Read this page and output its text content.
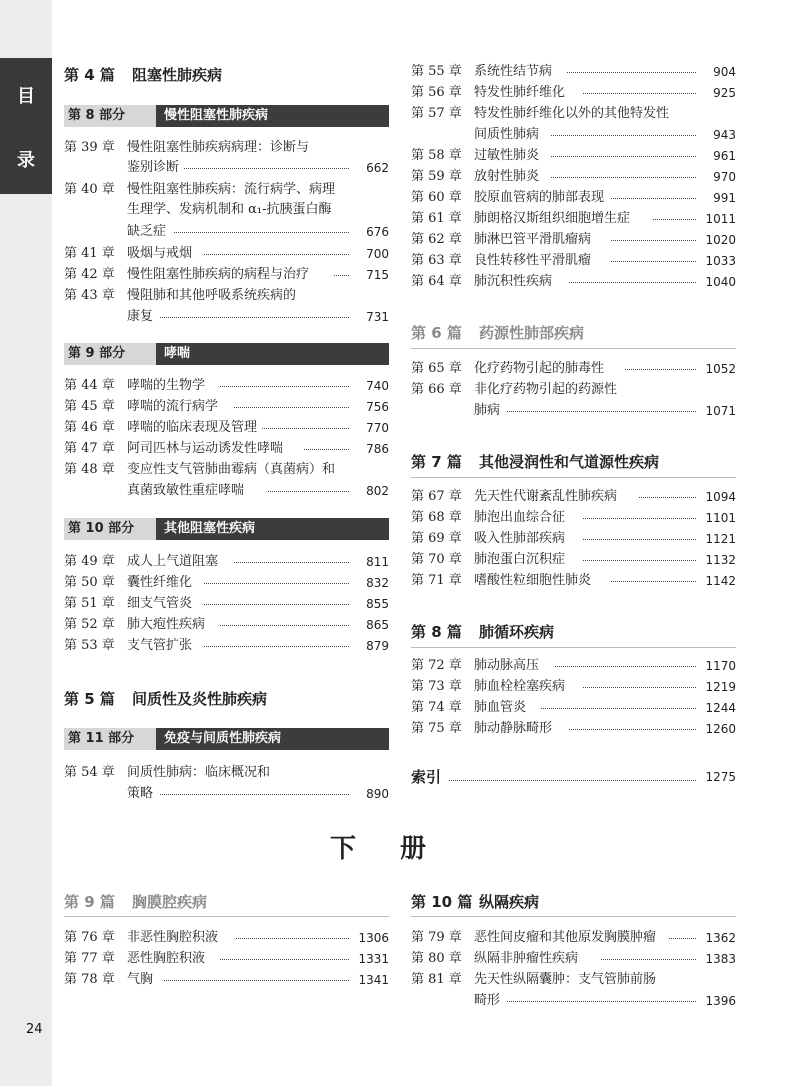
目
录
24
第 4 篇 阻塞性肺疾病
第 8 部分	慢性阻塞性肺疾病
第 39 章 慢性阻塞性肺疾病病理：诊断与
鉴别诊断	662
第 40 章 慢性阻塞性肺疾病：流行病学、病理
生理学、发病机制和 α₁-抗胰蛋白酶
缺乏症	676
第 41 章 吸烟与戒烟	700
第 42 章 慢性阻塞性肺疾病的病程与治疗	715
第 43 章 慢阻肺和其他呼吸系统疾病的
康复	731
第 9 部分	哮喘
第 44 章 哮喘的生物学	740
第 45 章 哮喘的流行病学	756
第 46 章 哮喘的临床表现及管理	770
第 47 章 阿司匹林与运动诱发性哮喘	786
第 48 章 变应性支气管肺曲霉病（真菌病）和
真菌致敏性重症哮喘	802
第 10 部分	其他阻塞性疾病
第 49 章 成人上气道阻塞	811
第 50 章 囊性纤维化	832
第 51 章 细支气管炎	855
第 52 章 肺大疱性疾病	865
第 53 章 支气管扩张	879
第 5 篇 间质性及炎性肺疾病
第 11 部分	免疫与间质性肺疾病
第 54 章 间质性肺病：临床概况和
策略	890
第 9 篇 胸膜腔疾病
第 76 章 非恶性胸腔积液	1306
第 77 章 恶性胸腔积液	1331
第 78 章 气胸	1341
第 55 章 系统性结节病	904
第 56 章 特发性肺纤维化	925
第 57 章 特发性肺纤维化以外的其他特发性
间质性肺病	943
第 58 章 过敏性肺炎	961
第 59 章 放射性肺炎	970
第 60 章 胶原血管病的肺部表现	991
第 61 章 肺朗格汉斯组织细胞增生症	1011
第 62 章 肺淋巴管平滑肌瘤病	1020
第 63 章 良性转移性平滑肌瘤	1033
第 64 章 肺沉积性疾病	1040
第 6 篇 药源性肺部疾病
第 65 章 化疗药物引起的肺毒性	1052
第 66 章 非化疗药物引起的药源性
肺病	1071
第 7 篇 其他浸润性和气道源性疾病
第 67 章 先天性代谢紊乱性肺疾病	1094
第 68 章 肺泡出血综合征	1101
第 69 章 吸入性肺部疾病	1121
第 70 章 肺泡蛋白沉积症	1132
第 71 章 嗜酸性粒细胞性肺炎	1142
第 8 篇 肺循环疾病
第 72 章 肺动脉高压	1170
第 73 章 肺血栓栓塞疾病	1219
第 74 章 肺血管炎	1244
第 75 章 肺动静脉畸形	1260
索引	1275
第 10 篇 纵隔疾病
第 79 章 恶性间皮瘤和其他原发胸膜肿瘤	1362
第 80 章 纵隔非肿瘤性疾病	1383
第 81 章 先天性纵隔囊肿：支气管肺前肠
畸形	1396
下册
